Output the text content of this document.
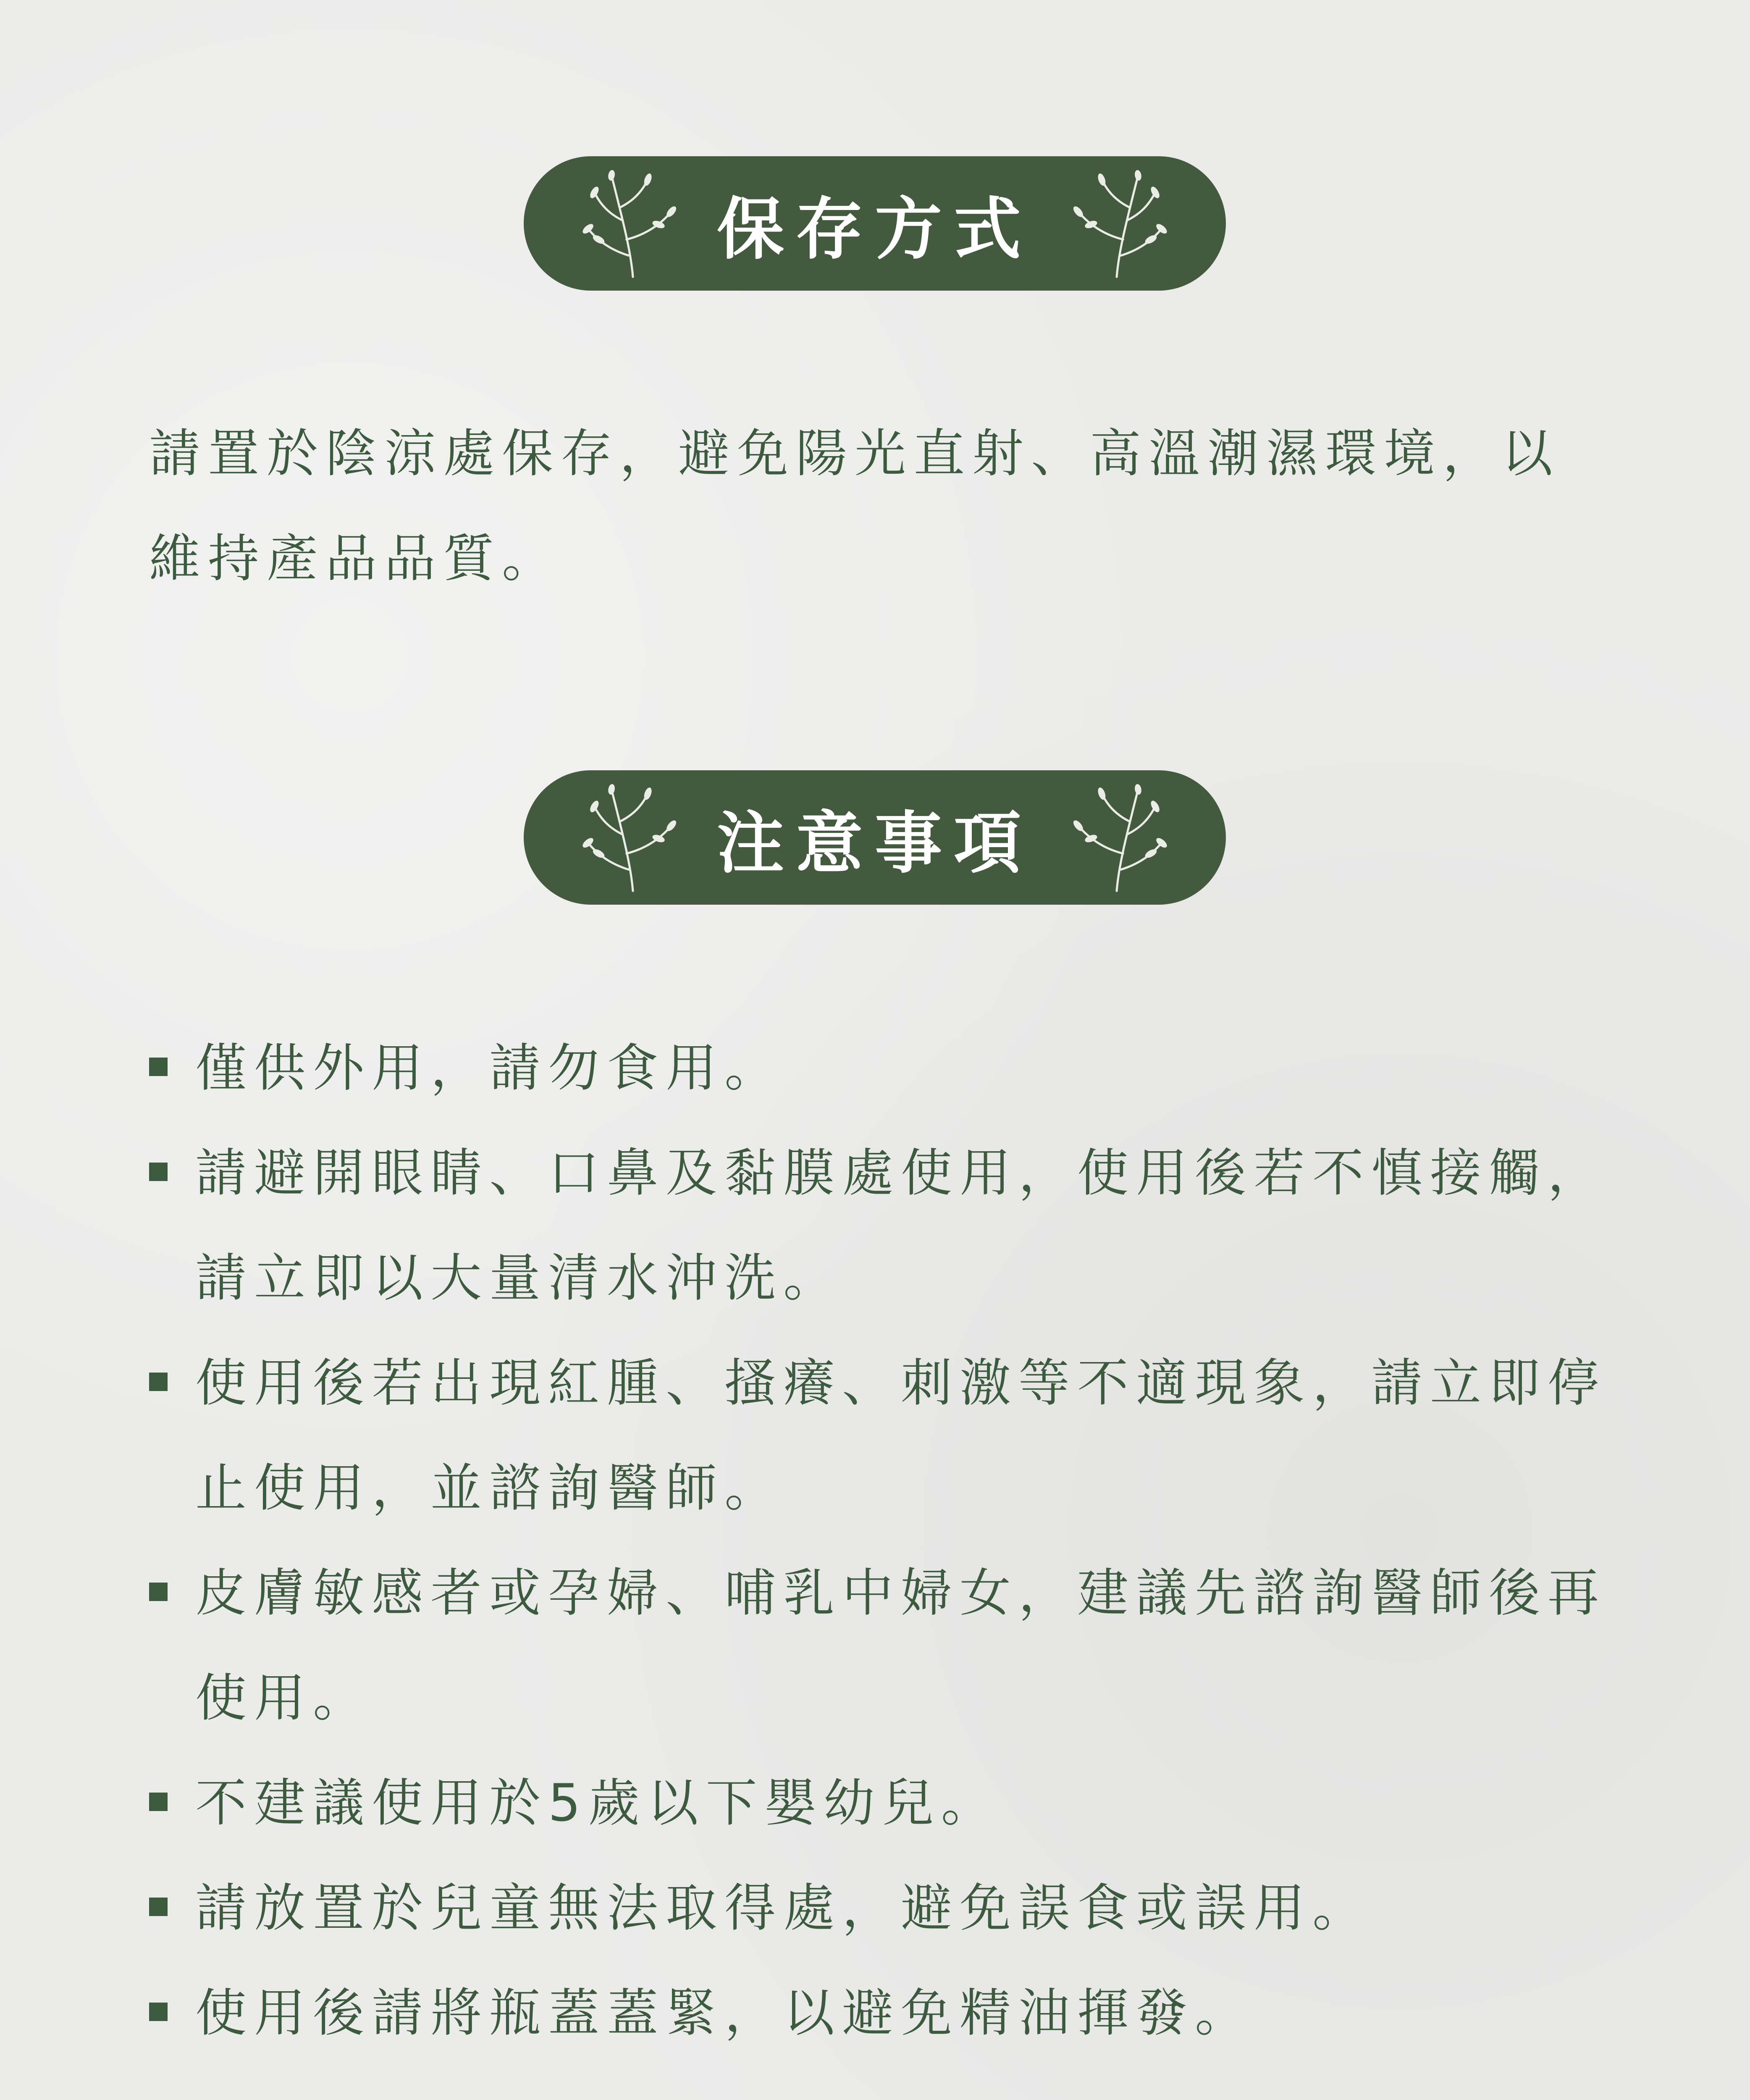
保存方式

請置於陰涼處保存，避免陽光直射、高溫潮濕環境，以維持產品品質。

注意事項
僅供外用，請勿食用。
請避開眼睛、口鼻及黏膜處使用，使用後若不慎接觸，請立即以大量清水沖洗。
使用後若出現紅腫、搔癢、刺激等不適現象，請立即停止使用，並諮詢醫師。
皮膚敏感者或孕婦、哺乳中婦女，建議先諮詢醫師後再使用。
不建議使用於5歲以下嬰幼兒。
請放置於兒童無法取得處，避免誤食或誤用。
使用後請將瓶蓋蓋緊，以避免精油揮發。
